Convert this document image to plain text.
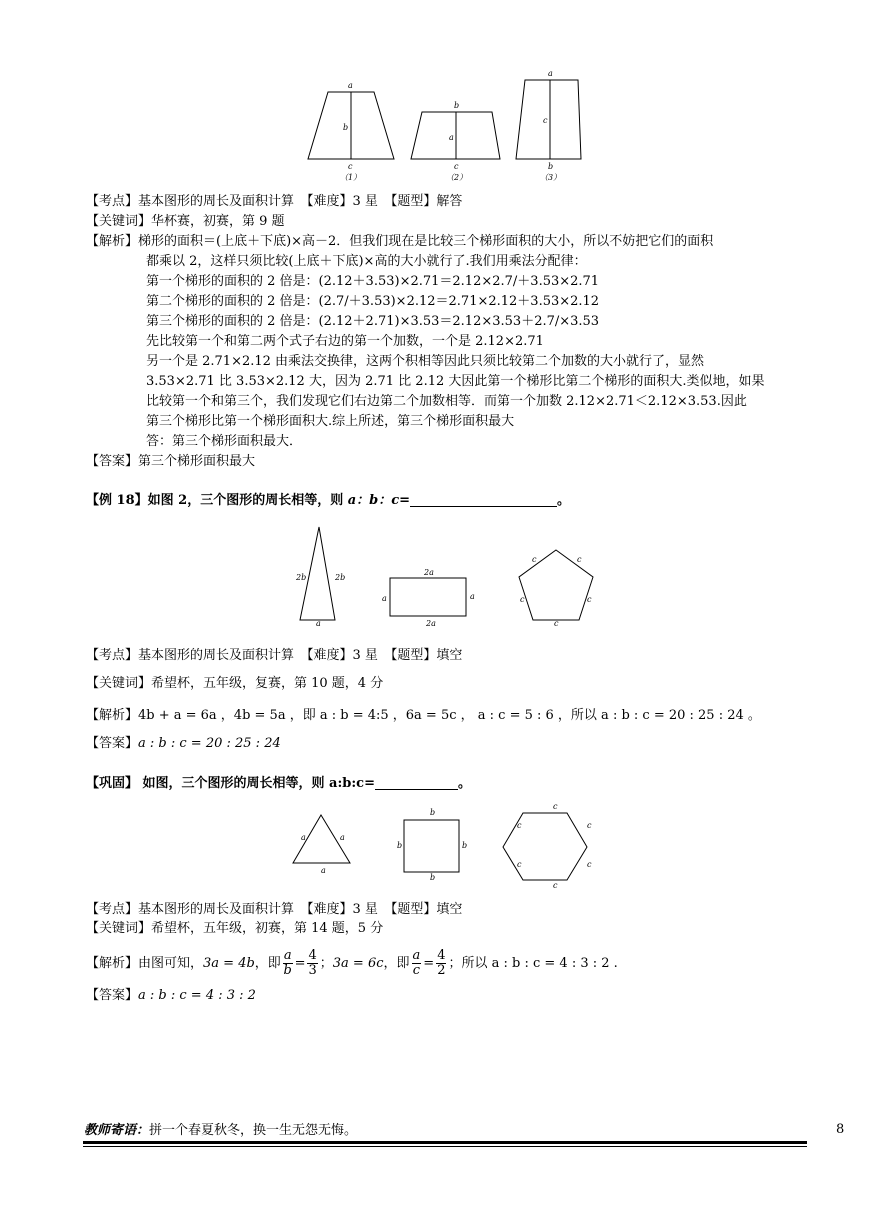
a
b
c
b
a
c
a
c
b
（1）	（2）	（3）
【考点】基本图形的周长及面积计算　【难度】3 星　【题型】解答
【关键词】华杯赛，初赛，第 9 题
【解析】梯形的面积＝(上底＋下底)×高－2．但我们现在是比较三个梯形面积的大小，所以不妨把它们的面积
都乘以 2，这样只须比较(上底＋下底)×高的大小就行了.我们用乘法分配律：
第一个梯形的面积的 2 倍是：(2.12＋3.53)×2.71＝2.12×2.7/＋3.53×2.71
第二个梯形的面积的 2 倍是：(2.7/＋3.53)×2.12＝2.71×2.12＋3.53×2.12
第三个梯形的面积的 2 倍是：(2.12＋2.71)×3.53＝2.12×3.53＋2.7/×3.53
先比较第一个和第二两个式子右边的第一个加数，一个是 2.12×2.71
另一个是 2.71×2.12 由乘法交换律，这两个积相等因此只须比较第二个加数的大小就行了，显然
3.53×2.71 比 3.53×2.12 大，因为 2.71 比 2.12 大因此第一个梯形比第二个梯形的面积大.类似地，如果
比较第一个和第三个，我们发现它们右边第二个加数相等．而第一个加数 2.12×2.71＜2.12×3.53.因此
第三个梯形比第一个梯形面积大.综上所述，第三个梯形面积最大
答：第三个梯形面积最大．
【答案】第三个梯形面积最大
【例 18】如图 2，三个图形的周长相等，则 a：b：c=	。
2b	2b
a
2a
a	a
2a
c	c
c	c
c
【考点】基本图形的周长及面积计算　【难度】3 星　【题型】填空
【关键词】希望杯，五年级，复赛，第 10 题，4 分
【解析】4b + a = 6a ，4b = 5a ，即 a : b = 4:5 ，6a = 5c ， a : c = 5 : 6 ，所以 a : b : c = 20 : 25 : 24 。
【答案】a : b : c = 20 : 25 : 24
【巩固】 如图，三个图形的周长相等，则 a:b:c=	。
a	a
a
b
b	b
b
c
c	c
c	c
c
【考点】基本图形的周长及面积计算　【难度】3 星　【题型】填空
【关键词】希望杯，五年级，初赛，第 14 题，5 分
【解析】由图可知，3a = 4b，即 $\frac{a}{b} = \frac{4}{3}$ ；3a = 6c，即 $\frac{a}{c} = \frac{4}{2}$ ；所以 a : b : c = 4 : 3 : 2 .
【答案】a : b : c = 4 : 3 : 2
教师寄语：拼一个春夏秋冬，换一生无怨无悔。	8
